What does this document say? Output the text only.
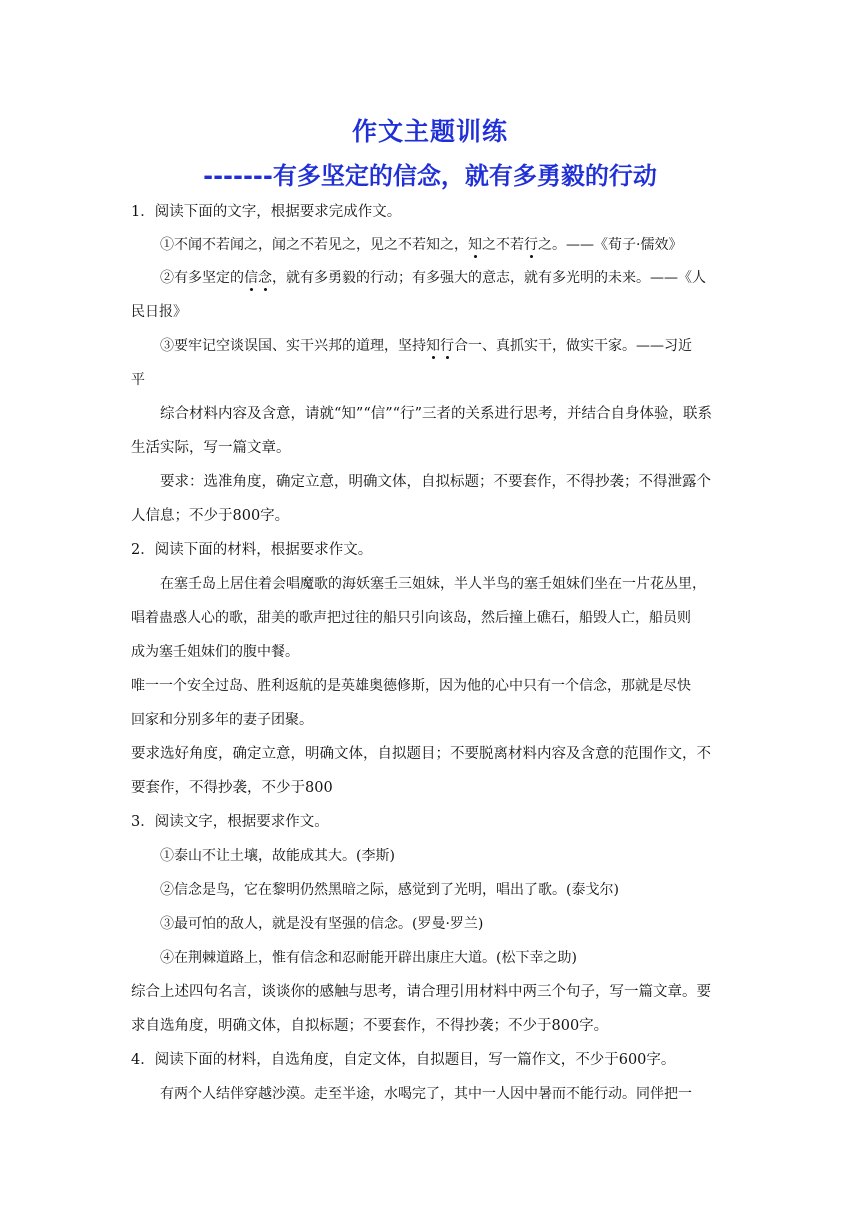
作文主题训练
-------有多坚定的信念，就有多勇毅的行动
1．阅读下面的文字，根据要求完成作文。
①不闻不若闻之，闻之不若见之，见之不若知之，知之不若行之。——《荀子·儒效》
②有多坚定的信念，就有多勇毅的行动；有多强大的意志，就有多光明的未来。——《人
民日报》
③要牢记空谈误国、实干兴邦的道理，坚持知行合一、真抓实干，做实干家。——习近
平
综合材料内容及含意，请就“知”“信”“行”三者的关系进行思考，并结合自身体验，联系
生活实际，写一篇文章。
要求：选准角度，确定立意，明确文体，自拟标题；不要套作，不得抄袭；不得泄露个
人信息；不少于800字。
2．阅读下面的材料，根据要求作文。
在塞壬岛上居住着会唱魔歌的海妖塞壬三姐妹，半人半鸟的塞壬姐妹们坐在一片花丛里，
唱着蛊惑人心的歌，甜美的歌声把过往的船只引向该岛，然后撞上礁石，船毁人亡，船员则
成为塞壬姐妹们的腹中餐。
唯一一个安全过岛、胜利返航的是英雄奥德修斯，因为他的心中只有一个信念，那就是尽快
回家和分别多年的妻子团聚。
要求选好角度，确定立意，明确文体，自拟题目；不要脱离材料内容及含意的范围作文，不
要套作，不得抄袭，不少于800
3．阅读文字，根据要求作文。
①泰山不让土壤，故能成其大。(李斯)
②信念是鸟，它在黎明仍然黑暗之际，感觉到了光明，唱出了歌。(泰戈尔)
③最可怕的敌人，就是没有坚强的信念。(罗曼·罗兰)
④在荆棘道路上，惟有信念和忍耐能开辟出康庄大道。(松下幸之助)
综合上述四句名言，谈谈你的感触与思考，请合理引用材料中两三个句子，写一篇文章。要
求自选角度，明确文体，自拟标题；不要套作，不得抄袭；不少于800字。
4．阅读下面的材料，自选角度，自定文体，自拟题目，写一篇作文，不少于600字。
有两个人结伴穿越沙漠。走至半途，水喝完了，其中一人因中暑而不能行动。同伴把一
